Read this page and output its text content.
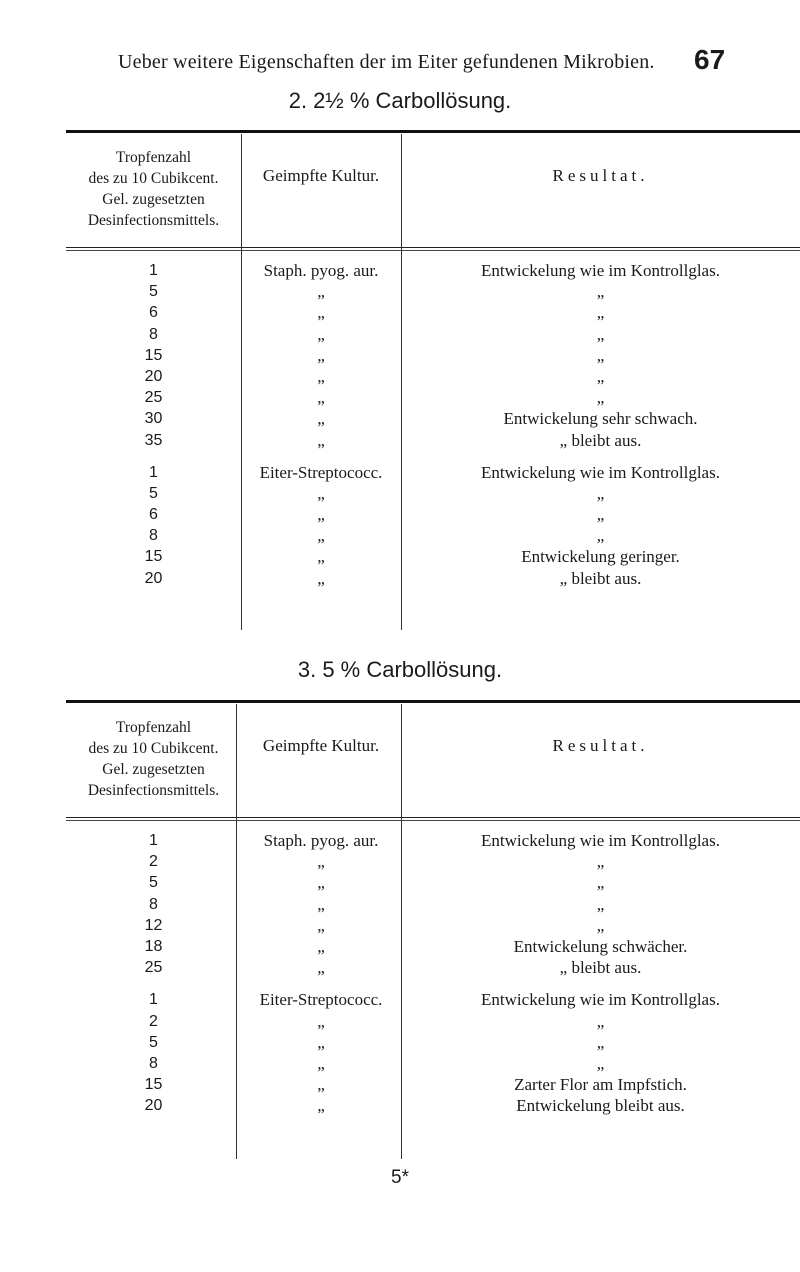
Ueber weitere Eigenschaften der im Eiter gefundenen Mikrobien. 67
2. 2½ % Carbollösung.
Tropfenzahl
des zu 10 Cubikcent.
Gel. zugesetzten
Desinfectionsmittels.
Geimpfte Kultur.	Resultat.
1
5
6
8
15
20
25
30
35
1
5
6
8
15
20
Staph. pyog. aur.
„
„
„
„
„
„
„
„
Eiter-Streptococc.
„
„
„
„
„
Entwickelung wie im Kontrollglas.
„
„
„
„
„
„
Entwickelung sehr schwach.
„ bleibt aus.
Entwickelung wie im Kontrollglas.
„
„
„
Entwickelung geringer.
„ bleibt aus.
3. 5 % Carbollösung.
Tropfenzahl
des zu 10 Cubikcent.
Gel. zugesetzten
Desinfectionsmittels.
Geimpfte Kultur.	Resultat.
1
2
5
8
12
18
25
1
2
5
8
15
20
Staph. pyog. aur.
„
„
„
„
„
„
Eiter-Streptococc.
„
„
„
„
„
Entwickelung wie im Kontrollglas.
„
„
„
„
Entwickelung schwächer.
„ bleibt aus.
Entwickelung wie im Kontrollglas.
„
„
„
Zarter Flor am Impfstich.
Entwickelung bleibt aus.
5*
